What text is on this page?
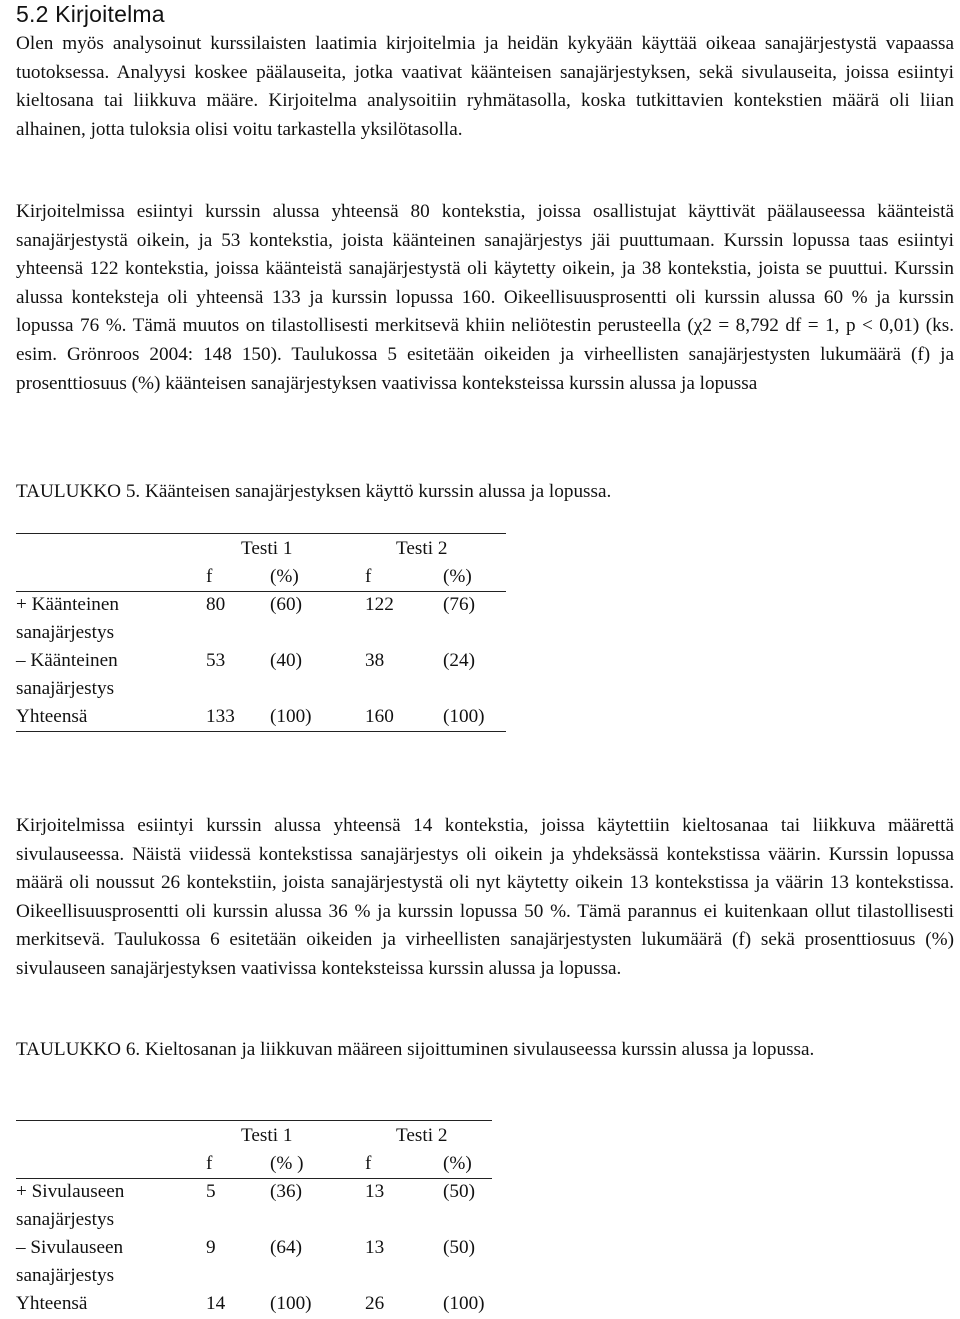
5.2 Kirjoitelma

Olen myös analysoinut kurssilaisten laatimia kirjoitelmia ja heidän kykyään käyttää oikeaa sanajärjestystä vapaassa tuotoksessa. Analyysi koskee päälauseita, jotka vaativat käänteisen sanajärjestyksen, sekä sivulauseita, joissa esiintyi kieltosana tai liikkuva määre. Kirjoitelma analysoitiin ryhmätasolla, koska tutkittavien kontekstien määrä oli liian alhainen, jotta tuloksia olisi voitu tarkastella yksilötasolla.

Kirjoitelmissa esiintyi kurssin alussa yhteensä 80 kontekstia, joissa osallistujat käyttivät päälauseessa käänteistä sanajärjestystä oikein, ja 53 kontekstia, joista käänteinen sanajärjestys jäi puuttumaan. Kurssin lopussa taas esiintyi yhteensä 122 kontekstia, joissa käänteistä sanajärjestystä oli käytetty oikein, ja 38 kontekstia, joista se puuttui. Kurssin alussa konteksteja oli yhteensä 133 ja kurssin lopussa 160. Oikeellisuusprosentti oli kurssin alussa 60 % ja kurssin lopussa 76 %. Tämä muutos on tilastollisesti merkitsevä khiin neliötestin perusteella (χ2 = 8,792 df = 1, p < 0,01) (ks. esim. Grönroos 2004: 148 150). Taulukossa 5 esitetään oikeiden ja virheellisten sanajärjestysten lukumäärä (f) ja prosenttiosuus (%) käänteisen sanajärjestyksen vaativissa konteksteissa kurssin alussa ja lopussa

TAULUKKO 5. Käänteisen sanajärjestyksen käyttö kurssin alussa ja lopussa.

Testi 1	Testi 2
f	(%)	f	(%)
+ Käänteinen
sanajärjestys
80 (60)	122	(76)
– Käänteinen
sanajärjestys
53 (40)	38	(24)
Yhteensä	133 (100)	160	(100)

Kirjoitelmissa esiintyi kurssin alussa yhteensä 14 kontekstia, joissa käytettiin kieltosanaa tai liikkuva määrettä sivulauseessa. Näistä viidessä kontekstissa sanajärjestys oli oikein ja yhdeksässä kontekstissa väärin. Kurssin lopussa määrä oli noussut 26 kontekstiin, joista sanajärjestystä oli nyt käytetty oikein 13 kontekstissa ja väärin 13 kontekstissa. Oikeellisuusprosentti oli kurssin alussa 36 % ja kurssin lopussa 50 %. Tämä parannus ei kuitenkaan ollut tilastollisesti merkitsevä. Taulukossa 6 esitetään oikeiden ja virheellisten sanajärjestysten lukumäärä (f) sekä prosenttiosuus (%) sivulauseen sanajärjestyksen vaativissa konteksteissa kurssin alussa ja lopussa.

TAULUKKO 6. Kieltosanan ja liikkuvan määreen sijoittuminen sivulauseessa kurssin alussa ja lopussa.

Testi 1	Testi 2
f	(% )	f	(%)
+ Sivulauseen
sanajärjestys
5	(36)	13	(50)
– Sivulauseen
sanajärjestys
9	(64)	13	(50)
Yhteensä	14 (100)	26	(100)
